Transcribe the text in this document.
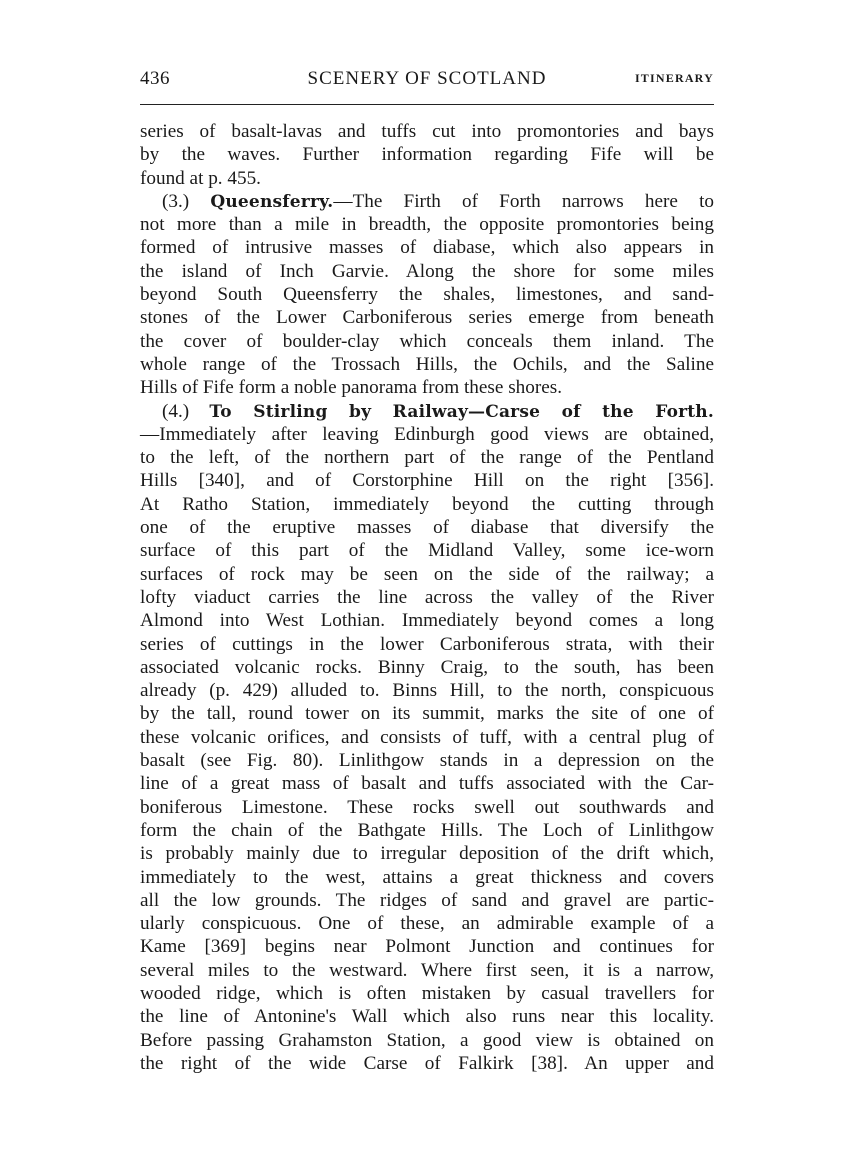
436	SCENERY OF SCOTLAND	ITINERARY
series of basalt-lavas and tuffs cut into promontories and bays
by the waves. Further information regarding Fife will be
found at p. 455.
(3.) Queensferry.—The Firth of Forth narrows here to
not more than a mile in breadth, the opposite promontories being
formed of intrusive masses of diabase, which also appears in
the island of Inch Garvie. Along the shore for some miles
beyond South Queensferry the shales, limestones, and sand-
stones of the Lower Carboniferous series emerge from beneath
the cover of boulder-clay which conceals them inland. The
whole range of the Trossach Hills, the Ochils, and the Saline
Hills of Fife form a noble panorama from these shores.
(4.) To Stirling by Railway—Carse of the Forth.
—Immediately after leaving Edinburgh good views are obtained,
to the left, of the northern part of the range of the Pentland
Hills [340], and of Corstorphine Hill on the right [356].
At Ratho Station, immediately beyond the cutting through
one of the eruptive masses of diabase that diversify the
surface of this part of the Midland Valley, some ice-worn
surfaces of rock may be seen on the side of the railway; a
lofty viaduct carries the line across the valley of the River
Almond into West Lothian. Immediately beyond comes a long
series of cuttings in the lower Carboniferous strata, with their
associated volcanic rocks. Binny Craig, to the south, has been
already (p. 429) alluded to. Binns Hill, to the north, conspicuous
by the tall, round tower on its summit, marks the site of one of
these volcanic orifices, and consists of tuff, with a central plug of
basalt (see Fig. 80). Linlithgow stands in a depression on the
line of a great mass of basalt and tuffs associated with the Car-
boniferous Limestone. These rocks swell out southwards and
form the chain of the Bathgate Hills. The Loch of Linlithgow
is probably mainly due to irregular deposition of the drift which,
immediately to the west, attains a great thickness and covers
all the low grounds. The ridges of sand and gravel are partic-
ularly conspicuous. One of these, an admirable example of a
Kame [369] begins near Polmont Junction and continues for
several miles to the westward. Where first seen, it is a narrow,
wooded ridge, which is often mistaken by casual travellers for
the line of Antonine's Wall which also runs near this locality.
Before passing Grahamston Station, a good view is obtained on
the right of the wide Carse of Falkirk [38]. An upper and
